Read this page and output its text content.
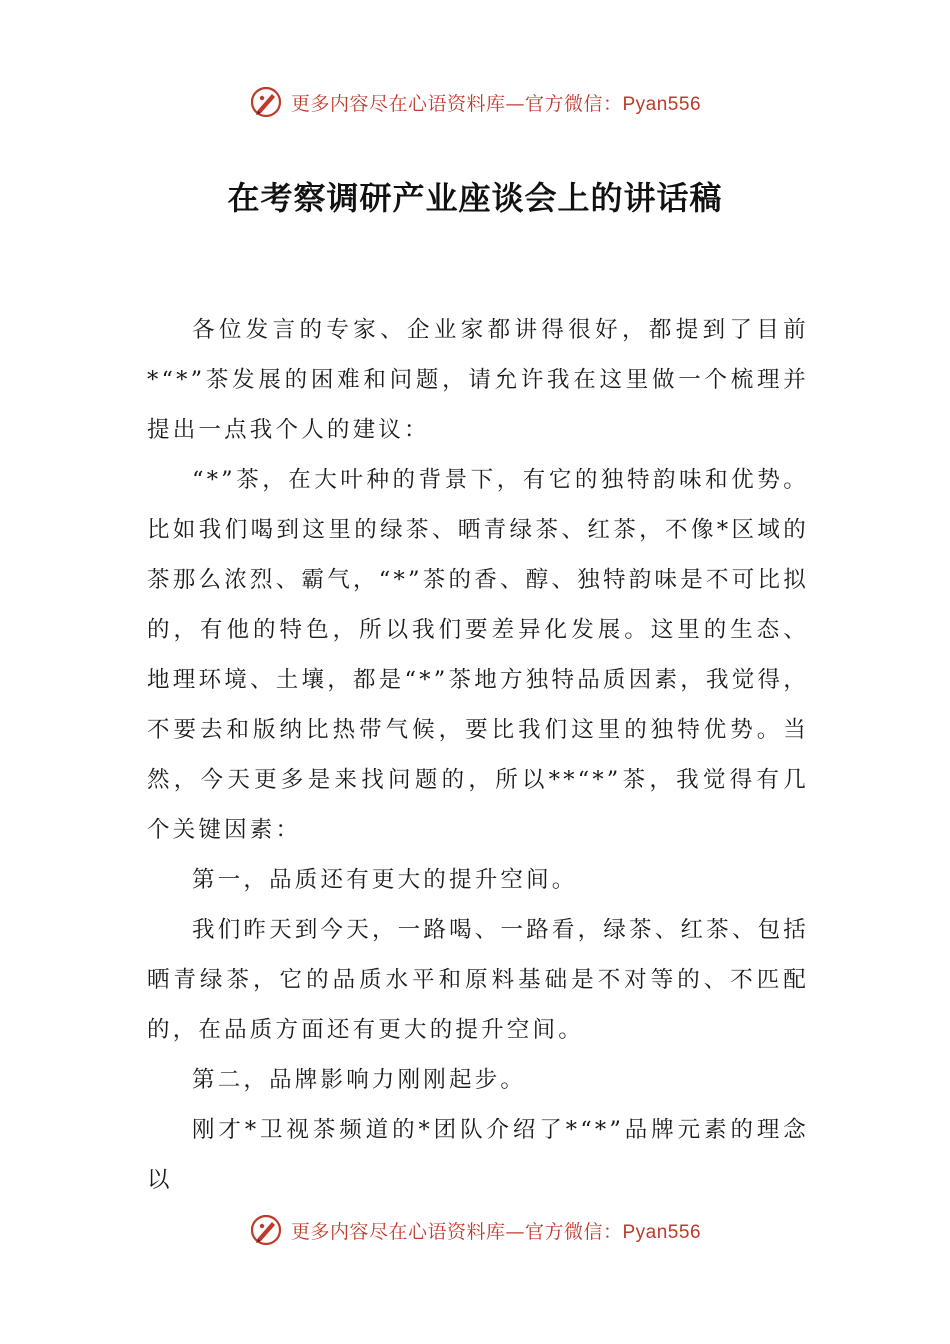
更多内容尽在心语资料库—官方微信：Pyan556
在考察调研产业座谈会上的讲话稿

各位发言的专家、企业家都讲得很好，都提到了目前*“*”茶发展的困难和问题，请允许我在这里做一个梳理并提出一点我个人的建议：

“*”茶，在大叶种的背景下，有它的独特韵味和优势。比如我们喝到这里的绿茶、晒青绿茶、红茶，不像*区域的茶那么浓烈、霸气，“*”茶的香、醇、独特韵味是不可比拟的，有他的特色，所以我们要差异化发展。这里的生态、地理环境、土壤，都是“*”茶地方独特品质因素，我觉得，不要去和版纳比热带气候，要比我们这里的独特优势。当然，今天更多是来找问题的，所以**“*”茶，我觉得有几个关键因素：

第一，品质还有更大的提升空间。

我们昨天到今天，一路喝、一路看，绿茶、红茶、包括晒青绿茶，它的品质水平和原料基础是不对等的、不匹配的，在品质方面还有更大的提升空间。

第二，品牌影响力刚刚起步。

刚才*卫视茶频道的*团队介绍了*“*”品牌元素的理念以

更多内容尽在心语资料库—官方微信：Pyan556
